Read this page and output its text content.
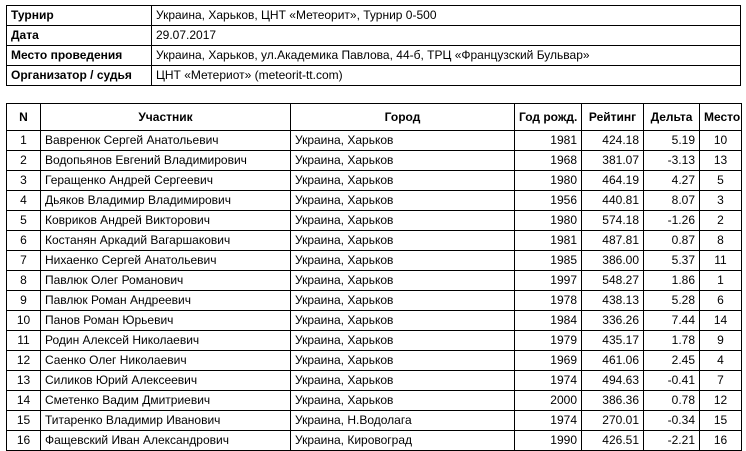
Турнир	Украина, Харьков, ЦНТ «Метеорит», Турнир 0-500
Дата	29.07.2017
Место проведения	Украина, Харьков, ул.Академика Павлова, 44-б, ТРЦ «Французский Бульвар»
Организатор / судья	ЦНТ «Метериот» (meteorit-tt.com)
N	Участник	Город	Год рожд.	Рейтинг	Дельта	Место
1	Вавренюк Сергей Анатольевич	Украина, Харьков	1981	424.18	5.19	10
2	Водопьянов Евгений Владимирович	Украина, Харьков	1968	381.07	-3.13	13
3	Геращенко Андрей Сергеевич	Украина, Харьков	1980	464.19	4.27	5
4	Дьяков Владимир Владимирович	Украина, Харьков	1956	440.81	8.07	3
5	Ковриков Андрей Викторович	Украина, Харьков	1980	574.18	-1.26	2
6	Костанян Аркадий Вагаршакович	Украина, Харьков	1981	487.81	0.87	8
7	Нихаенко Сергей Анатольевич	Украина, Харьков	1985	386.00	5.37	11
8	Павлюк Олег Романович	Украина, Харьков	1997	548.27	1.86	1
9	Павлюк Роман Андреевич	Украина, Харьков	1978	438.13	5.28	6
10	Панов Роман Юрьевич	Украина, Харьков	1984	336.26	7.44	14
11	Родин Алексей Николаевич	Украина, Харьков	1979	435.17	1.78	9
12	Саенко Олег Николаевич	Украина, Харьков	1969	461.06	2.45	4
13	Силиков Юрий Алексеевич	Украина, Харьков	1974	494.63	-0.41	7
14	Сметенко Вадим Дмитриевич	Украина, Харьков	2000	386.36	0.78	12
15	Титаренко Владимир Иванович	Украина, Н.Водолага	1974	270.01	-0.34	15
16	Фащевский Иван Александрович	Украина, Кировоград	1990	426.51	-2.21	16
